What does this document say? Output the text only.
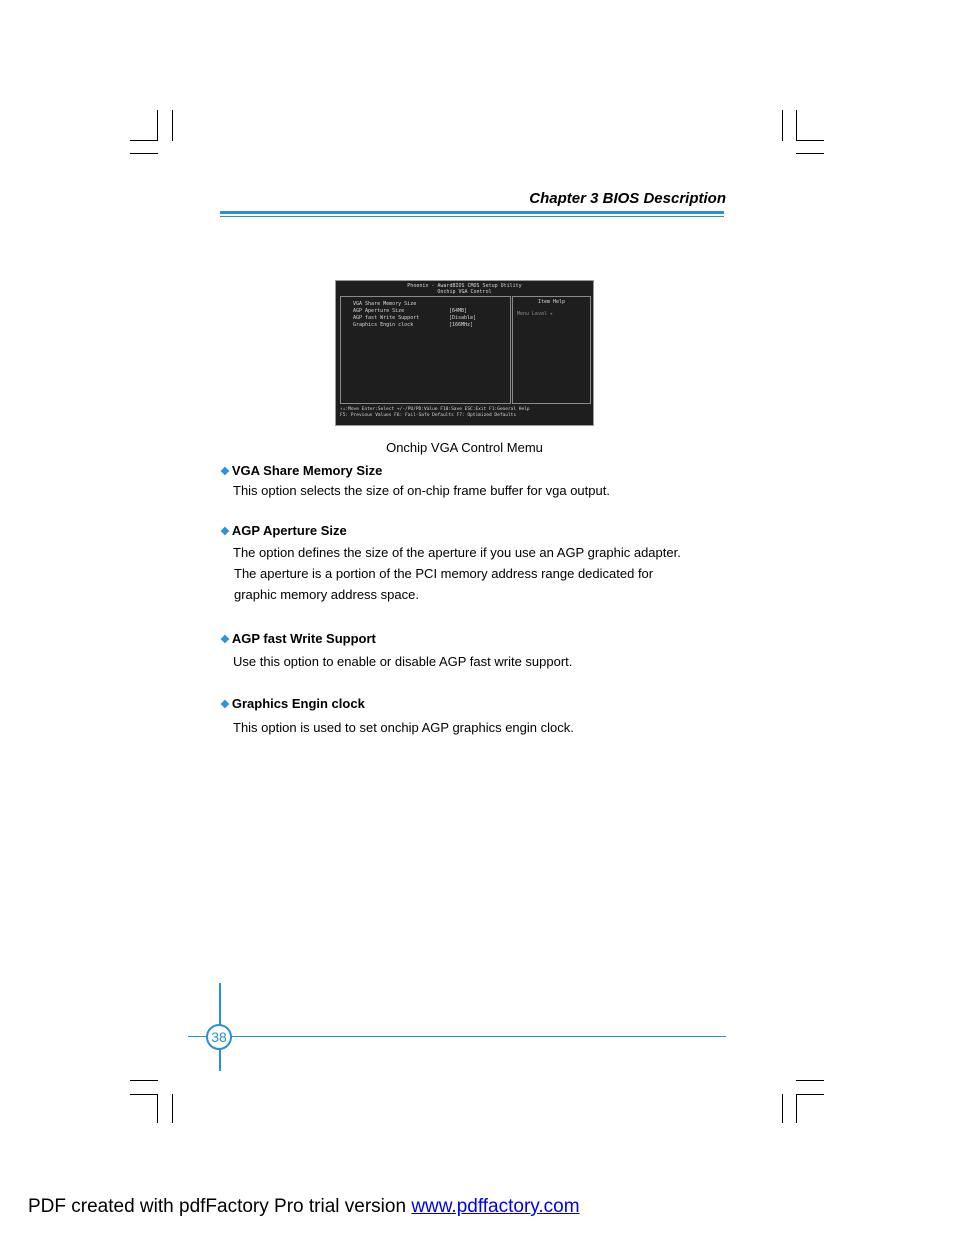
Chapter 3 BIOS Description
Phoenix - AwardBIOS CMOS Setup Utility
Onchip VGA Control
VGA Share Memory Size
AGP Aperture Size	[64MB]
AGP fast Write Support	[Disable]
Graphics Engin clock	[166MHz]
Item Help
Menu Level ▸
↑↓:Move Enter:Select +/-/PU/PD:Value F10:Save ESC:Exit F1:General Help
F5: Previous Values F6: Fail-Safe Defaults F7: Optimized Defaults
Onchip VGA Control Memu
❖ VGA Share Memory Size
This option selects the size of on-chip frame buffer for vga output.
❖ AGP Aperture Size
The option defines the size of the aperture if you use an AGP graphic adapter.
The aperture is a portion of the PCI memory address range dedicated for
graphic memory address space.
❖ AGP fast Write Support
Use this option to enable or disable AGP fast write support.
❖ Graphics Engin clock
This option is used to set onchip AGP graphics engin clock.
38
PDF created with pdfFactory Pro trial version www.pdffactory.com
